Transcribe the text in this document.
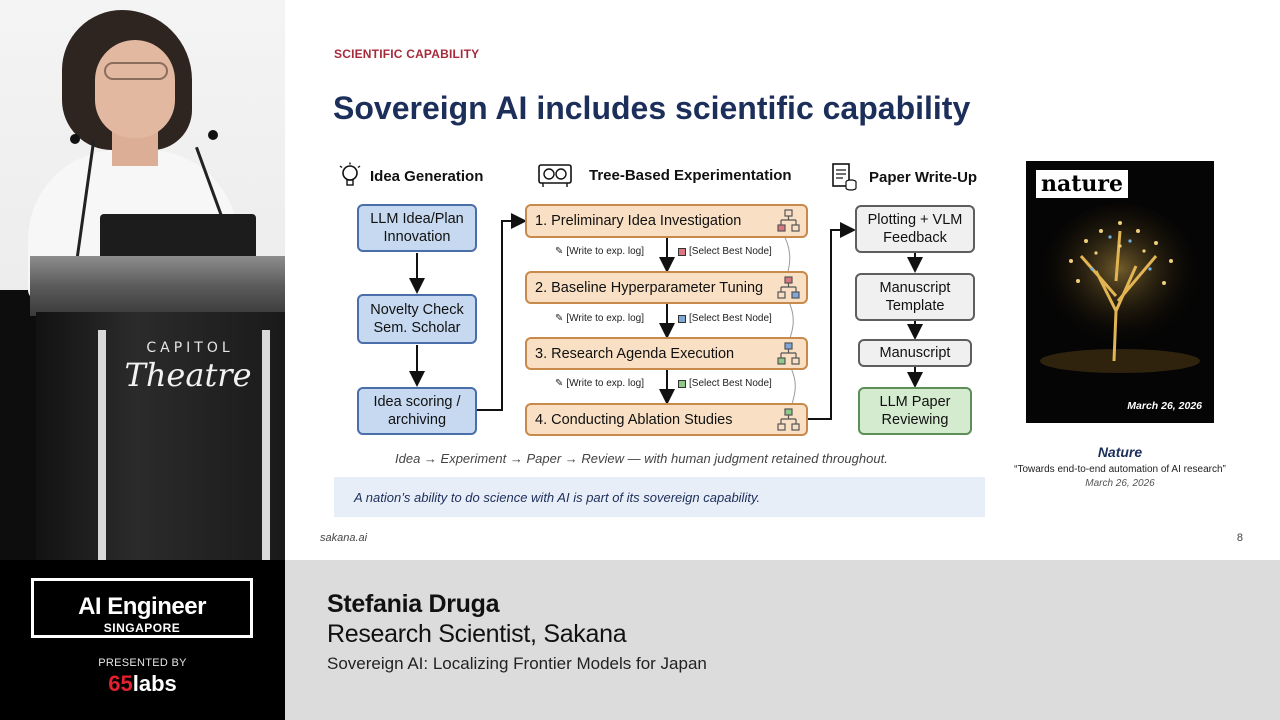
CAPITOL
Theatre
SCIENTIFIC CAPABILITY
Sovereign AI includes scientific capability
Idea Generation	Tree-Based Experimentation	Paper Write-Up
LLM Idea/Plan Innovation
Novelty Check Sem. Scholar
Idea scoring / archiving
1. Preliminary Idea Investigation
2. Baseline Hyperparameter Tuning
3. Research Agenda Execution
4. Conducting Ablation Studies
✎ [Write to exp. log]	[Select Best Node]
✎ [Write to exp. log]	[Select Best Node]
✎ [Write to exp. log]	[Select Best Node]
Plotting + VLM Feedback
Manuscript Template
Manuscript
LLM Paper Reviewing
Idea → Experiment → Paper → Review — with human judgment retained throughout.
A nation’s ability to do science with AI is part of its sovereign capability.
nature
March 26, 2026
Nature
“Towards end-to-end automation of AI research”
March 26, 2026
sakana.ai	8
AI Engineer
SINGAPORE
PRESENTED BY
65labs
Stefania Druga
Research Scientist, Sakana
Sovereign AI: Localizing Frontier Models for Japan
